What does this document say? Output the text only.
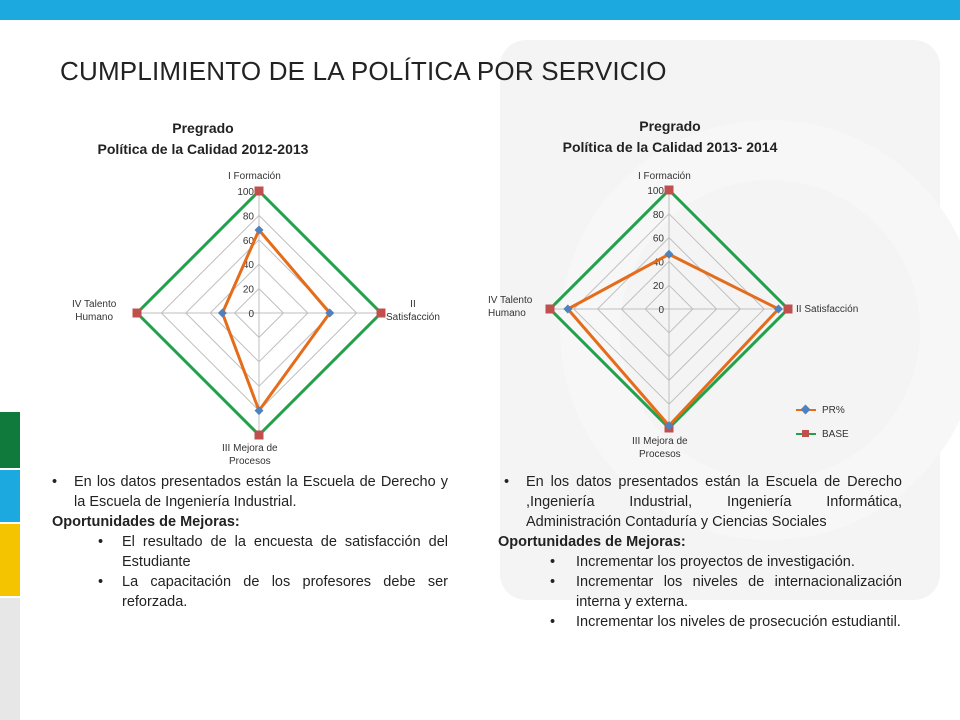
CUMPLIMIENTO DE LA POLÍTICA POR SERVICIO
Pregrado
Política de la Calidad 2012-2013
0
20
40
60
80
100
I Formación
II
Satisfacción
III Mejora de
Procesos
IV Talento
Humano
Pregrado
Política de la Calidad 2013- 2014
0
20
40
60
80
100
I Formación
II Satisfacción
III Mejora de
Procesos
IV Talento
Humano
PR%
BASE
• En los datos presentados están la Escuela de Derecho y la Escuela de Ingeniería Industrial.
Oportunidades de Mejoras:
• El resultado de la encuesta de satisfacción del Estudiante
• La capacitación de los profesores debe ser reforzada.
• En los datos presentados están la Escuela de Derecho ,Ingeniería Industrial, Ingeniería Informática, Administración Contaduría y Ciencias Sociales
Oportunidades de Mejoras:
• Incrementar los proyectos de investigación.
• Incrementar los niveles de internacionalización interna y externa.
• Incrementar los niveles de prosecución estudiantil.
